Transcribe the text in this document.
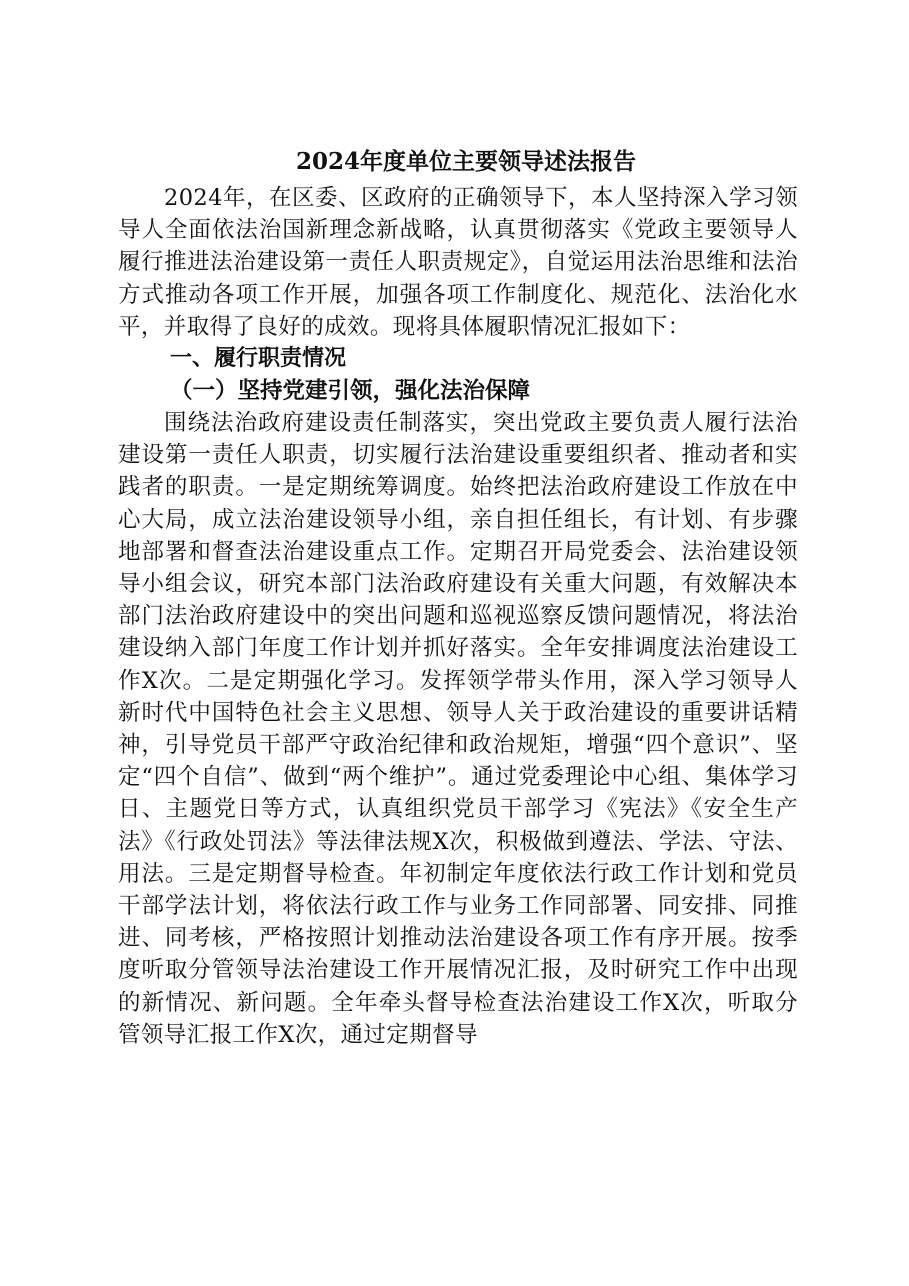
2024年度单位主要领导述法报告

2024年，在区委、区政府的正确领导下，本人坚持深入学习领导人全面依法治国新理念新战略，认真贯彻落实《党政主要领导人履行推进法治建设第一责任人职责规定》，自觉运用法治思维和法治方式推动各项工作开展，加强各项工作制度化、规范化、法治化水平，并取得了良好的成效。现将具体履职情况汇报如下：

一、履行职责情况
（一）坚持党建引领，强化法治保障

围绕法治政府建设责任制落实，突出党政主要负责人履行法治建设第一责任人职责，切实履行法治建设重要组织者、推动者和实践者的职责。一是定期统筹调度。始终把法治政府建设工作放在中心大局，成立法治建设领导小组，亲自担任组长，有计划、有步骤地部署和督查法治建设重点工作。定期召开局党委会、法治建设领导小组会议，研究本部门法治政府建设有关重大问题，有效解决本部门法治政府建设中的突出问题和巡视巡察反馈问题情况，将法治建设纳入部门年度工作计划并抓好落实。全年安排调度法治建设工作X次。二是定期强化学习。发挥领学带头作用，深入学习领导人新时代中国特色社会主义思想、领导人关于政治建设的重要讲话精神，引导党员干部严守政治纪律和政治规矩，增强“四个意识”、坚定“四个自信”、做到“两个维护”。通过党委理论中心组、集体学习日、主题党日等方式，认真组织党员干部学习《宪法》《安全生产法》《行政处罚法》等法律法规X次，积极做到遵法、学法、守法、用法。三是定期督导检查。年初制定年度依法行政工作计划和党员干部学法计划，将依法行政工作与业务工作同部署、同安排、同推进、同考核，严格按照计划推动法治建设各项工作有序开展。按季度听取分管领导法治建设工作开展情况汇报，及时研究工作中出现的新情况、新问题。全年牵头督导检查法治建设工作X次，听取分管领导汇报工作X次，通过定期督导
